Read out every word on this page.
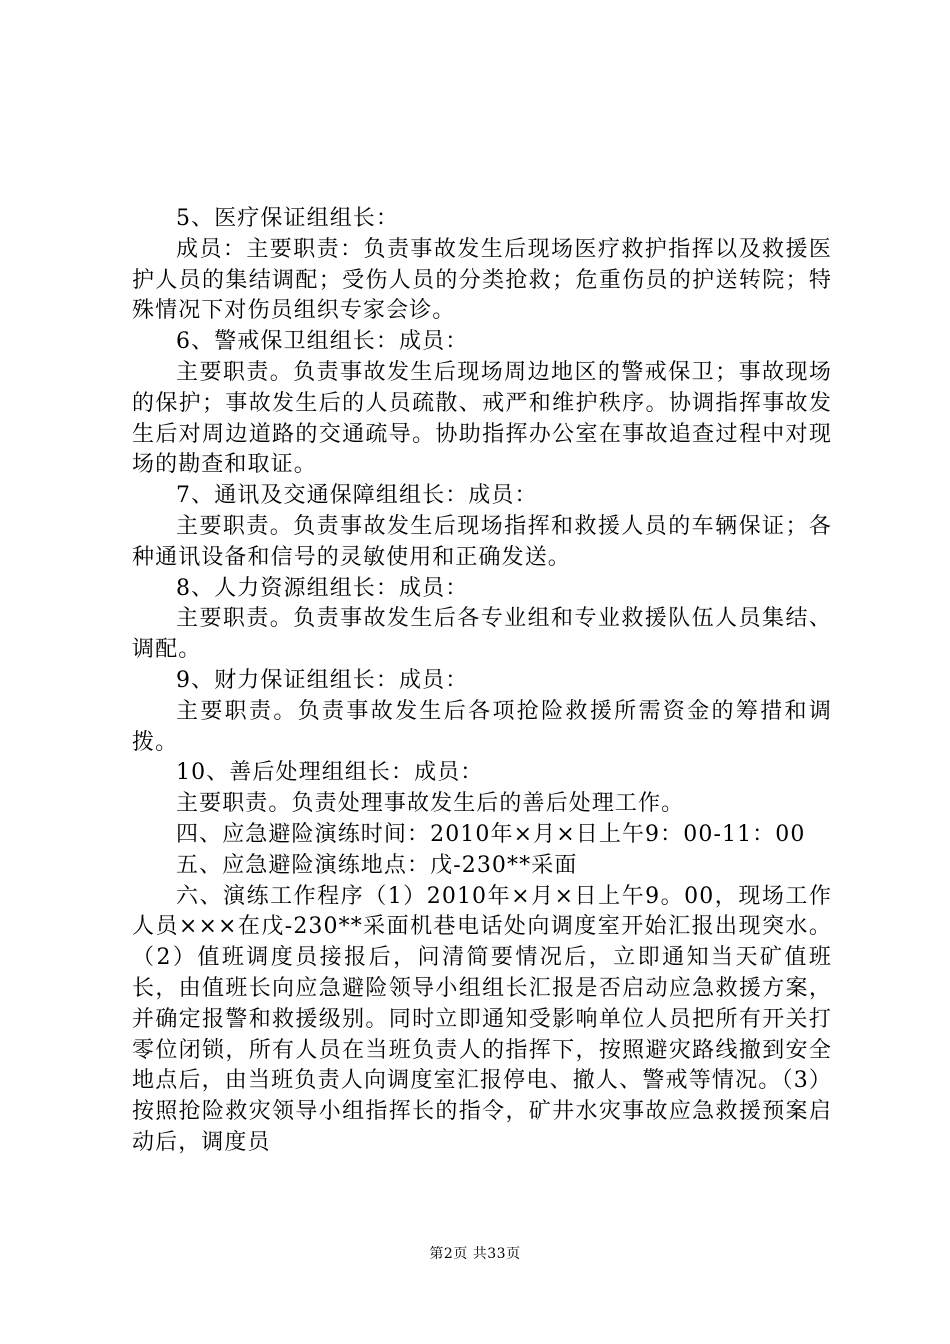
5、医疗保证组组长：

成员：主要职责：负责事故发生后现场医疗救护指挥以及救援医护人员的集结调配；受伤人员的分类抢救；危重伤员的护送转院；特殊情况下对伤员组织专家会诊。

6、警戒保卫组组长：成员：

主要职责。负责事故发生后现场周边地区的警戒保卫；事故现场的保护；事故发生后的人员疏散、戒严和维护秩序。协调指挥事故发生后对周边道路的交通疏导。协助指挥办公室在事故追查过程中对现场的勘查和取证。

7、通讯及交通保障组组长：成员：

主要职责。负责事故发生后现场指挥和救援人员的车辆保证；各种通讯设备和信号的灵敏使用和正确发送。

8、人力资源组组长：成员：

主要职责。负责事故发生后各专业组和专业救援队伍人员集结、调配。

9、财力保证组组长：成员：

主要职责。负责事故发生后各项抢险救援所需资金的筹措和调拨。

10、善后处理组组长：成员：

主要职责。负责处理事故发生后的善后处理工作。

四、应急避险演练时间：2010年×月×日上午9：00-11：00

五、应急避险演练地点：戊-230**采面

六、演练工作程序（1）2010年×月×日上午9。00，现场工作人员×××在戊-230**采面机巷电话处向调度室开始汇报出现突水。（2）值班调度员接报后，问清简要情况后，立即通知当天矿值班长，由值班长向应急避险领导小组组长汇报是否启动应急救援方案，并确定报警和救援级别。同时立即通知受影响单位人员把所有开关打零位闭锁，所有人员在当班负责人的指挥下，按照避灾路线撤到安全地点后，由当班负责人向调度室汇报停电、撤人、警戒等情况。（3）按照抢险救灾领导小组指挥长的指令，矿井水灾事故应急救援预案启动后，调度员

第2页 共33页
